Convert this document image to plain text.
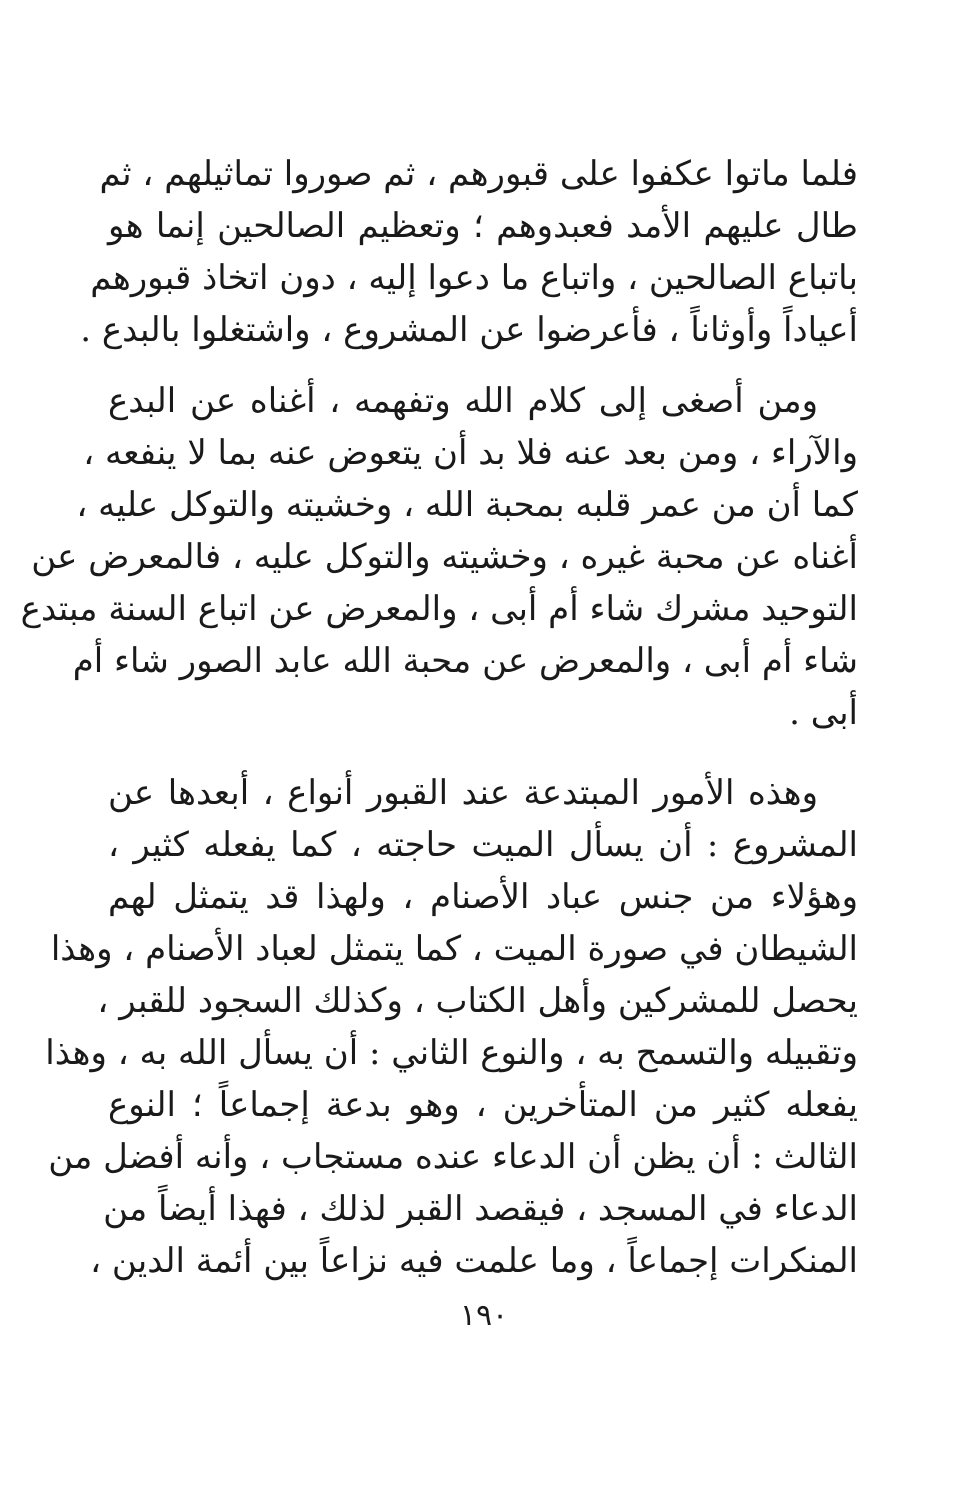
فلما ماتوا عكفوا على قبورهم ، ثم صوروا تماثيلهم ، ثم
طال عليهم الأمد فعبدوهم ؛ وتعظيم الصالحين إنما هو
باتباع الصالحين ، واتباع ما دعوا إليه ، دون اتخاذ قبورهم
أعياداً وأوثاناً ، فأعرضوا عن المشروع ، واشتغلوا بالبدع .
ومن أصغى إلى كلام الله وتفهمه ، أغناه عن البدع
والآراء ، ومن بعد عنه فلا بد أن يتعوض عنه بما لا ينفعه ،
كما أن من عمر قلبه بمحبة الله ، وخشيته والتوكل عليه ،
أغناه عن محبة غيره ، وخشيته والتوكل عليه ، فالمعرض عن
التوحيد مشرك شاء أم أبى ، والمعرض عن اتباع السنة مبتدع
شاء أم أبى ، والمعرض عن محبة الله عابد الصور شاء أم
أبى .
وهذه الأمور المبتدعة عند القبور أنواع ، أبعدها عن
المشروع : أن يسأل الميت حاجته ، كما يفعله كثير ،
وهؤلاء من جنس عباد الأصنام ، ولهذا قد يتمثل لهم
الشيطان في صورة الميت ، كما يتمثل لعباد الأصنام ، وهذا
يحصل للمشركين وأهل الكتاب ، وكذلك السجود للقبر ،
وتقبيله والتسمح به ، والنوع الثاني : أن يسأل الله به ، وهذا
يفعله كثير من المتأخرين ، وهو بدعة إجماعاً ؛ النوع
الثالث : أن يظن أن الدعاء عنده مستجاب ، وأنه أفضل من
الدعاء في المسجد ، فيقصد القبر لذلك ، فهذا أيضاً من
المنكرات إجماعاً ، وما علمت فيه نزاعاً بين أئمة الدين ،
١٩٠
